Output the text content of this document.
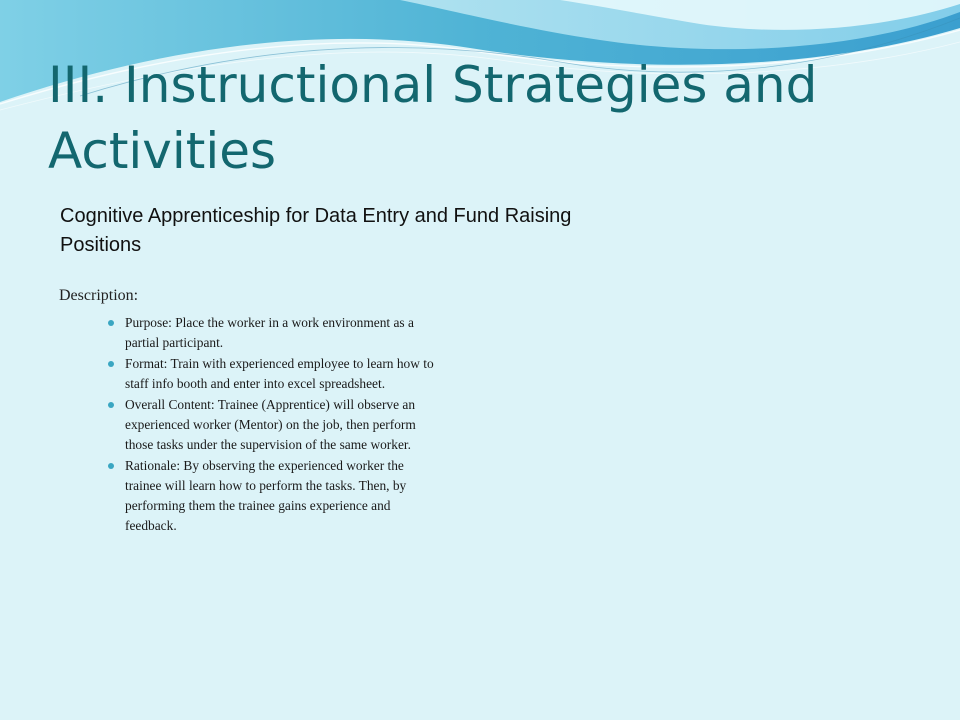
III. Instructional Strategies and Activities

Cognitive Apprenticeship for Data Entry and Fund Raising Positions

Description:

Purpose: Place the worker in a work environment as a partial participant.
Format: Train with experienced employee to learn how to staff info booth and enter into excel spreadsheet.
Overall Content: Trainee (Apprentice) will observe an experienced worker (Mentor) on the job, then perform those tasks under the supervision of the same worker.
Rationale: By observing the experienced worker the trainee will learn how to perform the tasks. Then, by performing them the trainee gains experience and feedback.
